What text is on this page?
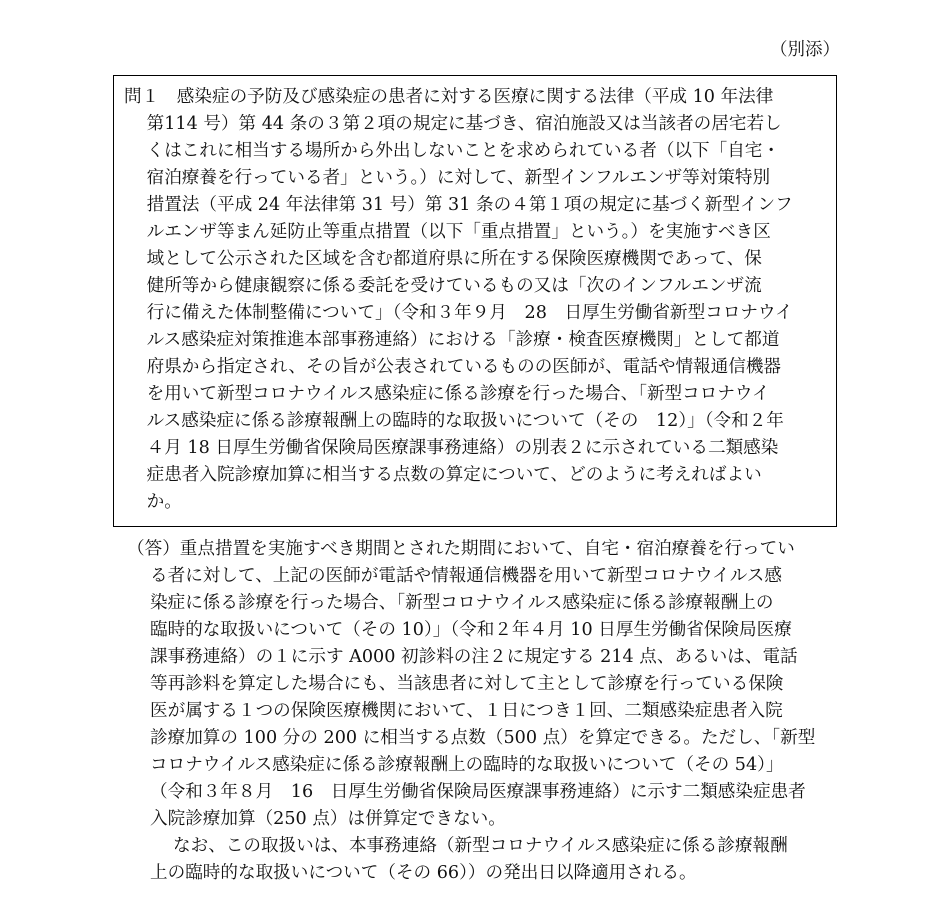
（別添）
問１　感染症の予防及び感染症の患者に対する医療に関する法律（平成 10 年法律
　第114 号）第 44 条の３第２項の規定に基づき、宿泊施設又は当該者の居宅若し
　くはこれに相当する場所から外出しないことを求められている者（以下「自宅・
　宿泊療養を行っている者」という。）に対して、新型インフルエンザ等対策特別
　措置法（平成 24 年法律第 31 号）第 31 条の４第１項の規定に基づく新型インフ
　ルエンザ等まん延防止等重点措置（以下「重点措置」という。）を実施すべき区
　域として公示された区域を含む都道府県に所在する保険医療機関であって、保
　健所等から健康観察に係る委託を受けているもの又は「次のインフルエンザ流
　行に備えた体制整備について」（令和３年９月　28　日厚生労働省新型コロナウイ
　ルス感染症対策推進本部事務連絡）における「診療・検査医療機関」として都道
　府県から指定され、その旨が公表されているものの医師が、電話や情報通信機器
　を用いて新型コロナウイルス感染症に係る診療を行った場合、「新型コロナウイ
　ルス感染症に係る診療報酬上の臨時的な取扱いについて（その　12）」（令和２年
　４月 18 日厚生労働省保険局医療課事務連絡）の別表２に示されている二類感染
　症患者入院診療加算に相当する点数の算定について、どのように考えればよい
　か。
（答）重点措置を実施すべき期間とされた期間において、自宅・宿泊療養を行ってい
る者に対して、上記の医師が電話や情報通信機器を用いて新型コロナウイルス感
染症に係る診療を行った場合、「新型コロナウイルス感染症に係る診療報酬上の
臨時的な取扱いについて（その 10）」（令和２年４月 10 日厚生労働省保険局医療
課事務連絡）の１に示す A000 初診料の注２に規定する 214 点、あるいは、電話
等再診料を算定した場合にも、当該患者に対して主として診療を行っている保険
医が属する１つの保険医療機関において、１日につき１回、二類感染症患者入院
診療加算の 100 分の 200 に相当する点数（500 点）を算定できる。ただし、「新型
コロナウイルス感染症に係る診療報酬上の臨時的な取扱いについて（その 54）」
（令和３年８月　16　日厚生労働省保険局医療課事務連絡）に示す二類感染症患者
入院診療加算（250 点）は併算定できない。
なお、この取扱いは、本事務連絡（新型コロナウイルス感染症に係る診療報酬
上の臨時的な取扱いについて（その 66））の発出日以降適用される。
